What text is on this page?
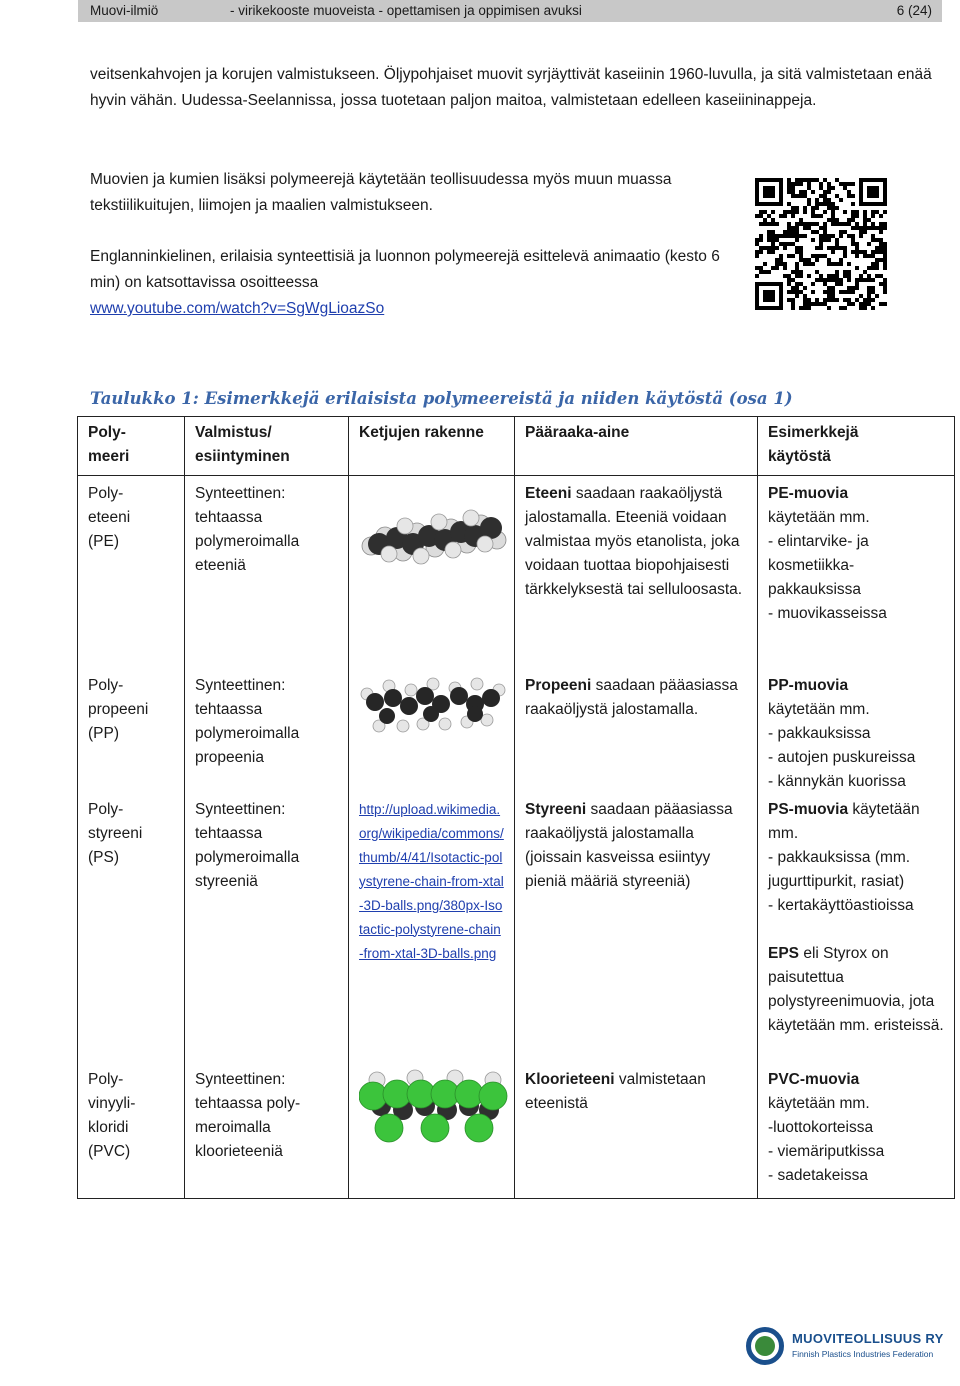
Muovi-ilmiö	- virikekooste muoveista - opettamisen ja oppimisen avuksi	6 (24)
veitsenkahvojen ja korujen valmistukseen. Öljypohjaiset muovit syrjäyttivät kaseiinin 1960-luvulla, ja sitä valmistetaan enää hyvin vähän. Uudessa-Seelannissa, jossa tuotetaan paljon maitoa, valmistetaan edelleen kaseiininappeja.
Muovien ja kumien lisäksi polymeerejä käytetään teollisuudessa myös muun muassa tekstiilikuitujen, liimojen ja maalien valmistukseen.
Englanninkielinen, erilaisia synteettisiä ja luonnon polymeerejä esittelevä animaatio (kesto 6 min) on katsottavissa osoitteessa
www.youtube.com/watch?v=SgWgLioazSo
Taulukko 1: Esimerkkejä erilaisista polymeereistä ja niiden käytöstä (osa 1)
Poly-
meeri	Valmistus/
esiintyminen	Ketjujen rakenne	Pääraaka-aine	Esimerkkejä
käytöstä
Poly-
eteeni
(PE)	Synteettinen:
tehtaassa
polymeroimalla
eteeniä		Eteeni saadaan raakaöljystä jalostamalla. Eteeniä voidaan valmistaa myös etanolista, joka voidaan tuottaa biopohjaisesti tärkkelyksestä tai selluloosasta.	PE-muovia
käytetään mm.
- elintarvike- ja kosmetiikka-pakkauksissa
- muovikasseissa
Poly-
propeeni
(PP)	Synteettinen:
tehtaassa
polymeroimalla
propeenia		Propeeni saadaan pääasiassa raakaöljystä jalostamalla.	PP-muovia
käytetään mm.
- pakkauksissa
- autojen puskureissa
- kännykän kuorissa
Poly-
styreeni
(PS)	Synteettinen:
tehtaassa
polymeroimalla
styreeniä	http://upload.wikimedia.org/wikipedia/commons/thumb/4/41/Isotactic-polystyrene-chain-from-xtal-3D-balls.png/380px-Isotactic-polystyrene-chain-from-xtal-3D-balls.png	Styreeni saadaan pääasiassa raakaöljystä jalostamalla (joissain kasveissa esiintyy pieniä määriä styreeniä)	PS-muovia käytetään mm.
- pakkauksissa (mm. jugurttipurkit, rasiat)
- kertakäyttöastioissa

EPS eli Styrox on paisutettua polystyreenimuovia, jota käytetään mm. eristeissä.
Poly-
vinyyli-
kloridi
(PVC)	Synteettinen:
tehtaassa poly-
meroimalla
kloorieteeniä		Kloorieteeni valmistetaan eteenistä	PVC-muovia
käytetään mm.
-luottokorteissa
- viemäriputkissa
- sadetakeissa
MUOVITEOLLISUUS RY
Finnish Plastics Industries Federation
